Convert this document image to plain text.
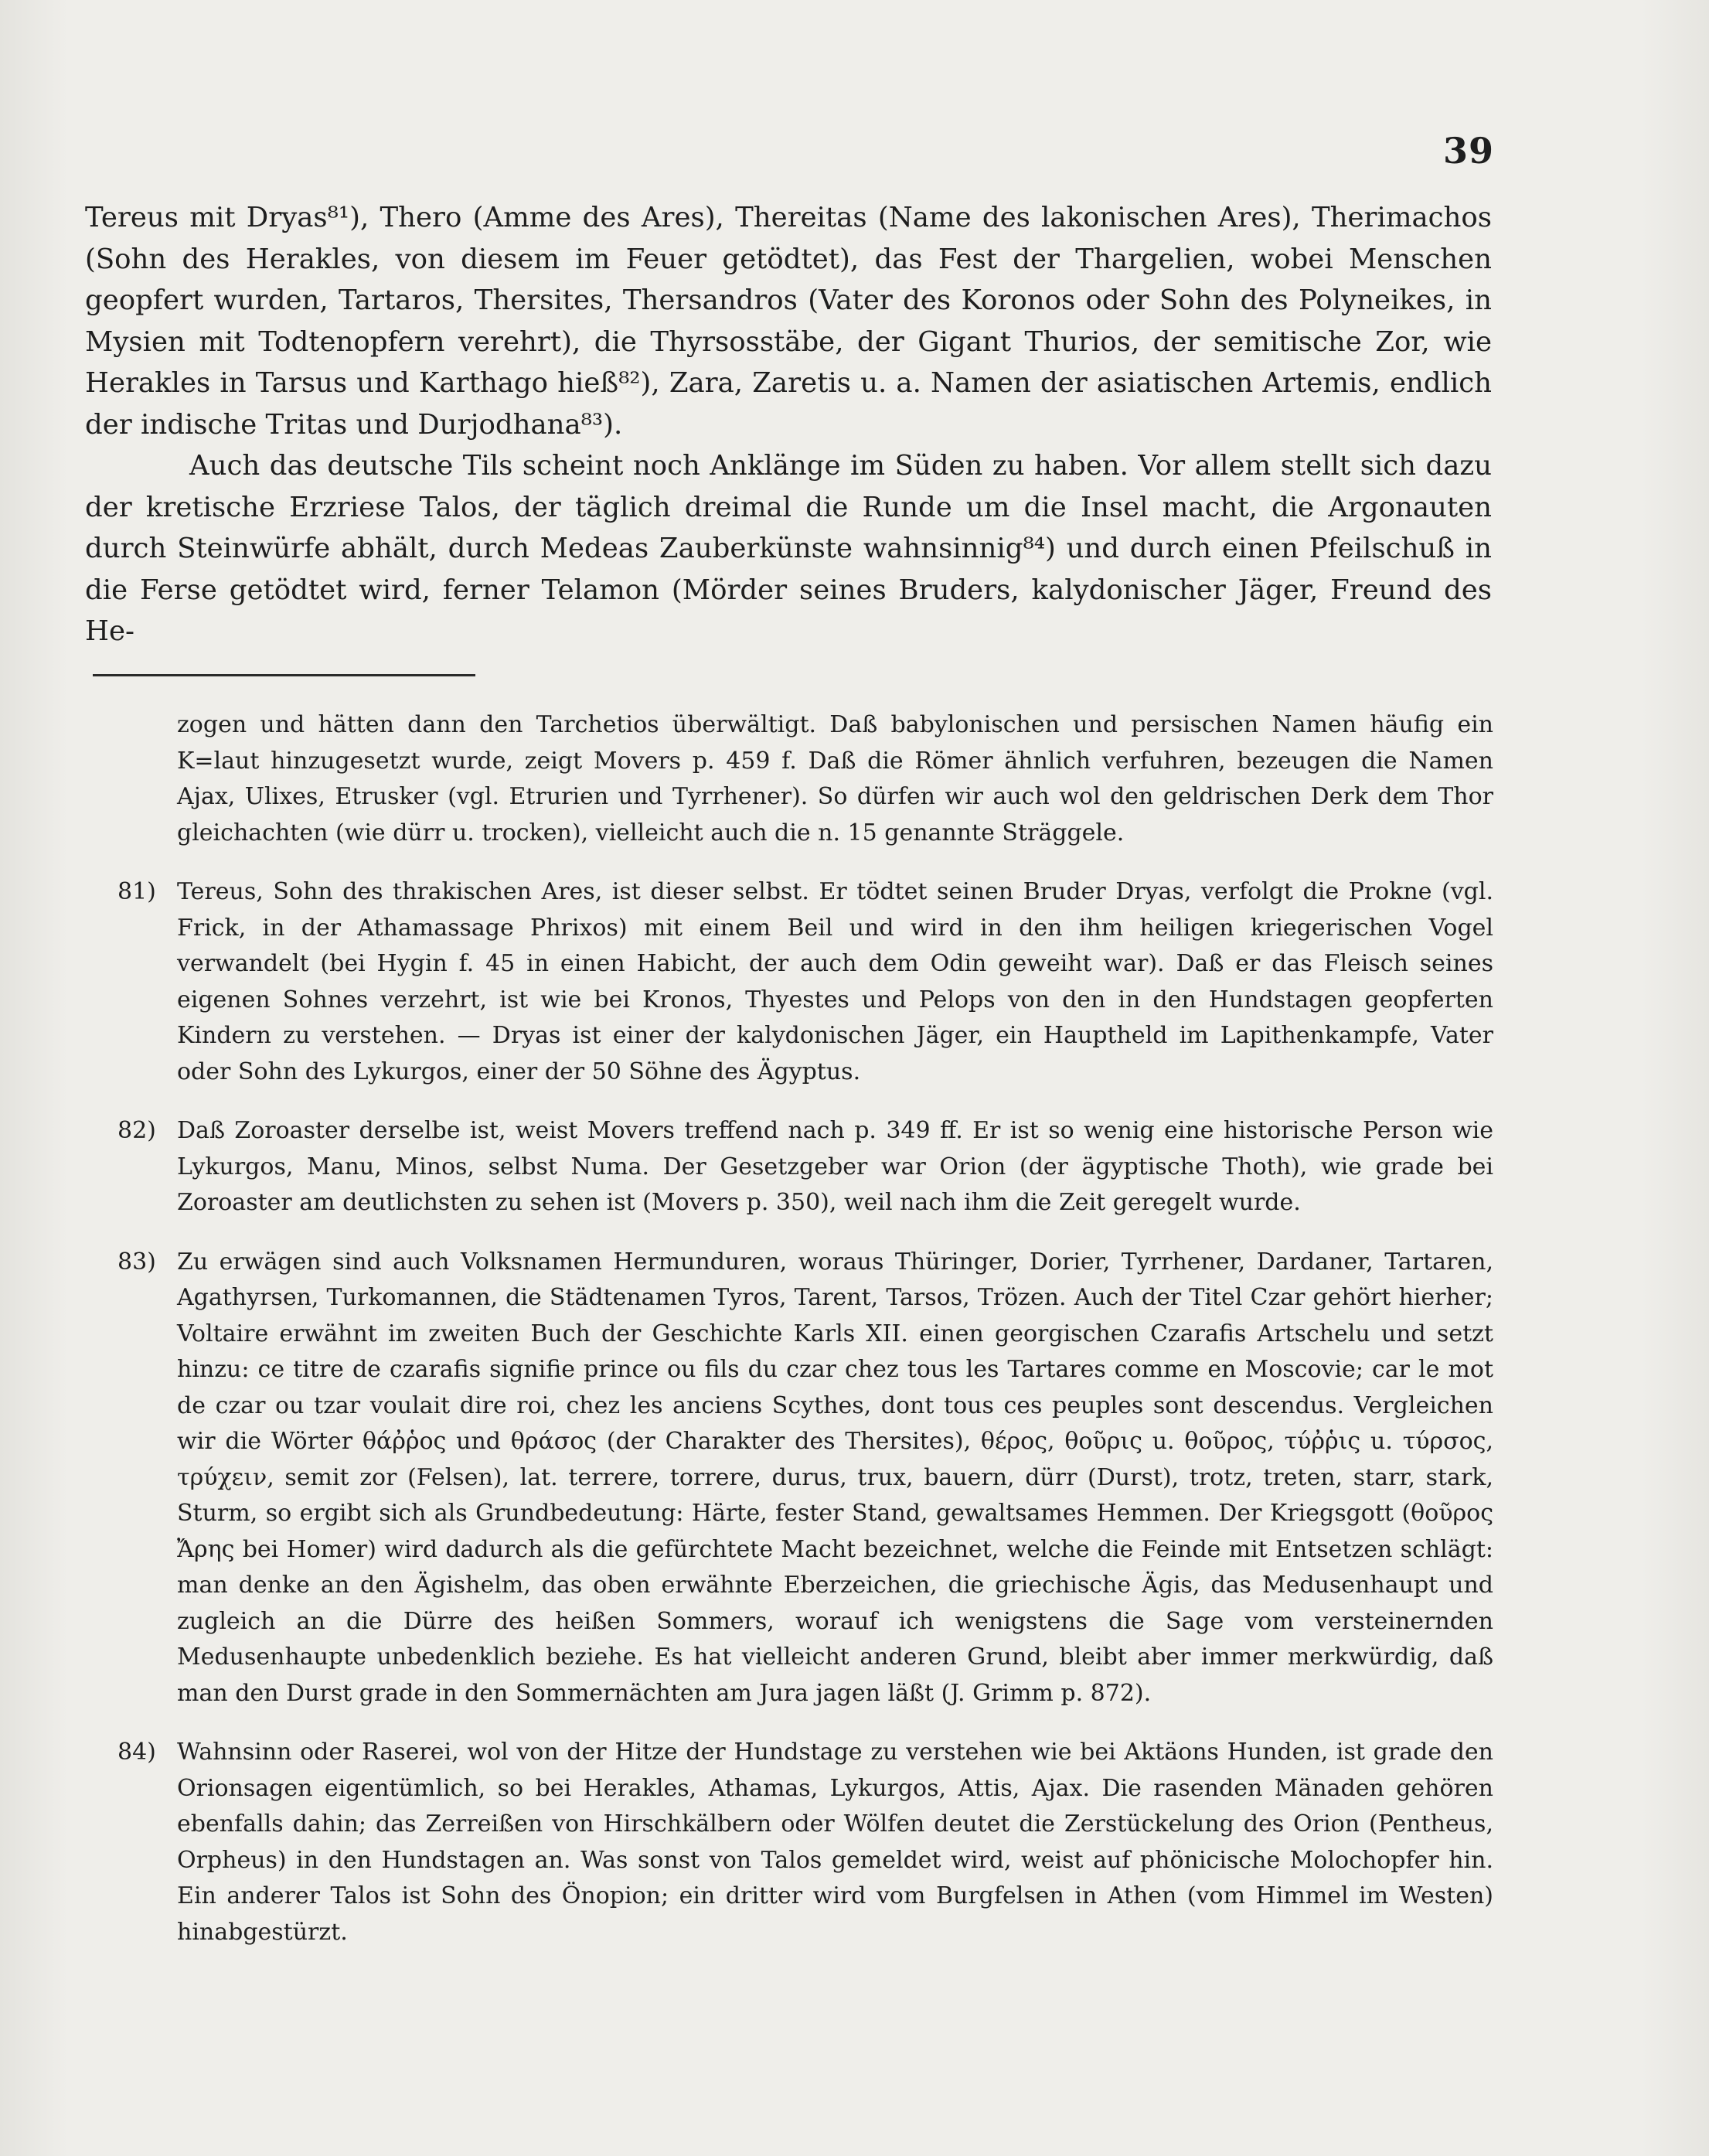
39

Tereus mit Dryas⁸¹), Thero (Amme des Ares), Thereitas (Name des lakonischen Ares), Therimachos (Sohn des Herakles, von diesem im Feuer getödtet), das Fest der Thargelien, wobei Menschen geopfert wurden, Tartaros, Thersites, Thersandros (Vater des Koronos oder Sohn des Polyneikes, in Mysien mit Todtenopfern verehrt), die Thyrsosstäbe, der Gigant Thurios, der semitische Zor, wie Herakles in Tarsus und Karthago hieß⁸²), Zara, Zaretis u. a. Namen der asiatischen Artemis, endlich der indische Tritas und Durjodhana⁸³).

Auch das deutsche Tils scheint noch Anklänge im Süden zu haben. Vor allem stellt sich dazu der kretische Erzriese Talos, der täglich dreimal die Runde um die Insel macht, die Argonauten durch Steinwürfe abhält, durch Medeas Zauberkünste wahnsinnig⁸⁴) und durch einen Pfeilschuß in die Ferse getödtet wird, ferner Telamon (Mörder seines Bruders, kalydonischer Jäger, Freund des He-

zogen und hätten dann den Tarchetios überwältigt. Daß babylonischen und persischen Namen häufig ein K=laut hinzugesetzt wurde, zeigt Movers p. 459 f. Daß die Römer ähnlich verfuhren, bezeugen die Namen Ajax, Ulixes, Etrusker (vgl. Etrurien und Tyrrhener). So dürfen wir auch wol den geldrischen Derk dem Thor gleichachten (wie dürr u. trocken), vielleicht auch die n. 15 genannte Sträggele.
81) Tereus, Sohn des thrakischen Ares, ist dieser selbst. Er tödtet seinen Bruder Dryas, verfolgt die Prokne (vgl. Frick, in der Athamassage Phrixos) mit einem Beil und wird in den ihm heiligen kriegerischen Vogel verwandelt (bei Hygin f. 45 in einen Habicht, der auch dem Odin geweiht war). Daß er das Fleisch seines eigenen Sohnes verzehrt, ist wie bei Kronos, Thyestes und Pelops von den in den Hundstagen geopferten Kindern zu verstehen. — Dryas ist einer der kalydonischen Jäger, ein Hauptheld im Lapithenkampfe, Vater oder Sohn des Lykurgos, einer der 50 Söhne des Ägyptus.
82) Daß Zoroaster derselbe ist, weist Movers treffend nach p. 349 ff. Er ist so wenig eine historische Person wie Lykurgos, Manu, Minos, selbst Numa. Der Gesetzgeber war Orion (der ägyptische Thoth), wie grade bei Zoroaster am deutlichsten zu sehen ist (Movers p. 350), weil nach ihm die Zeit geregelt wurde.
83) Zu erwägen sind auch Volksnamen Hermunduren, woraus Thüringer, Dorier, Tyrrhener, Dardaner, Tartaren, Agathyrsen, Turkomannen, die Städtenamen Tyros, Tarent, Tarsos, Trözen. Auch der Titel Czar gehört hierher; Voltaire erwähnt im zweiten Buch der Geschichte Karls XII. einen georgischen Czarafis Artschelu und setzt hinzu: ce titre de czarafis signifie prince ou fils du czar chez tous les Tartares comme en Moscovie; car le mot de czar ou tzar voulait dire roi, chez les anciens Scythes, dont tous ces peuples sont descendus. Vergleichen wir die Wörter θάῤῥος und θράσος (der Charakter des Thersites), θέρος, θοῦρις u. θοῦρος, τύῤῥις u. τύρσος, τρύχειν, semit zor (Felsen), lat. terrere, torrere, durus, trux, bauern, dürr (Durst), trotz, treten, starr, stark, Sturm, so ergibt sich als Grundbedeutung: Härte, fester Stand, gewaltsames Hemmen. Der Kriegsgott (θοῦρος Ἄρης bei Homer) wird dadurch als die gefürchtete Macht bezeichnet, welche die Feinde mit Entsetzen schlägt: man denke an den Ägishelm, das oben erwähnte Eberzeichen, die griechische Ägis, das Medusenhaupt und zugleich an die Dürre des heißen Sommers, worauf ich wenigstens die Sage vom versteinernden Medusenhaupte unbedenklich beziehe. Es hat vielleicht anderen Grund, bleibt aber immer merkwürdig, daß man den Durst grade in den Sommernächten am Jura jagen läßt (J. Grimm p. 872).
84) Wahnsinn oder Raserei, wol von der Hitze der Hundstage zu verstehen wie bei Aktäons Hunden, ist grade den Orionsagen eigentümlich, so bei Herakles, Athamas, Lykurgos, Attis, Ajax. Die rasenden Mänaden gehören ebenfalls dahin; das Zerreißen von Hirschkälbern oder Wölfen deutet die Zerstückelung des Orion (Pentheus, Orpheus) in den Hundstagen an. Was sonst von Talos gemeldet wird, weist auf phönicische Molochopfer hin. Ein anderer Talos ist Sohn des Önopion; ein dritter wird vom Burgfelsen in Athen (vom Himmel im Westen) hinabgestürzt.
